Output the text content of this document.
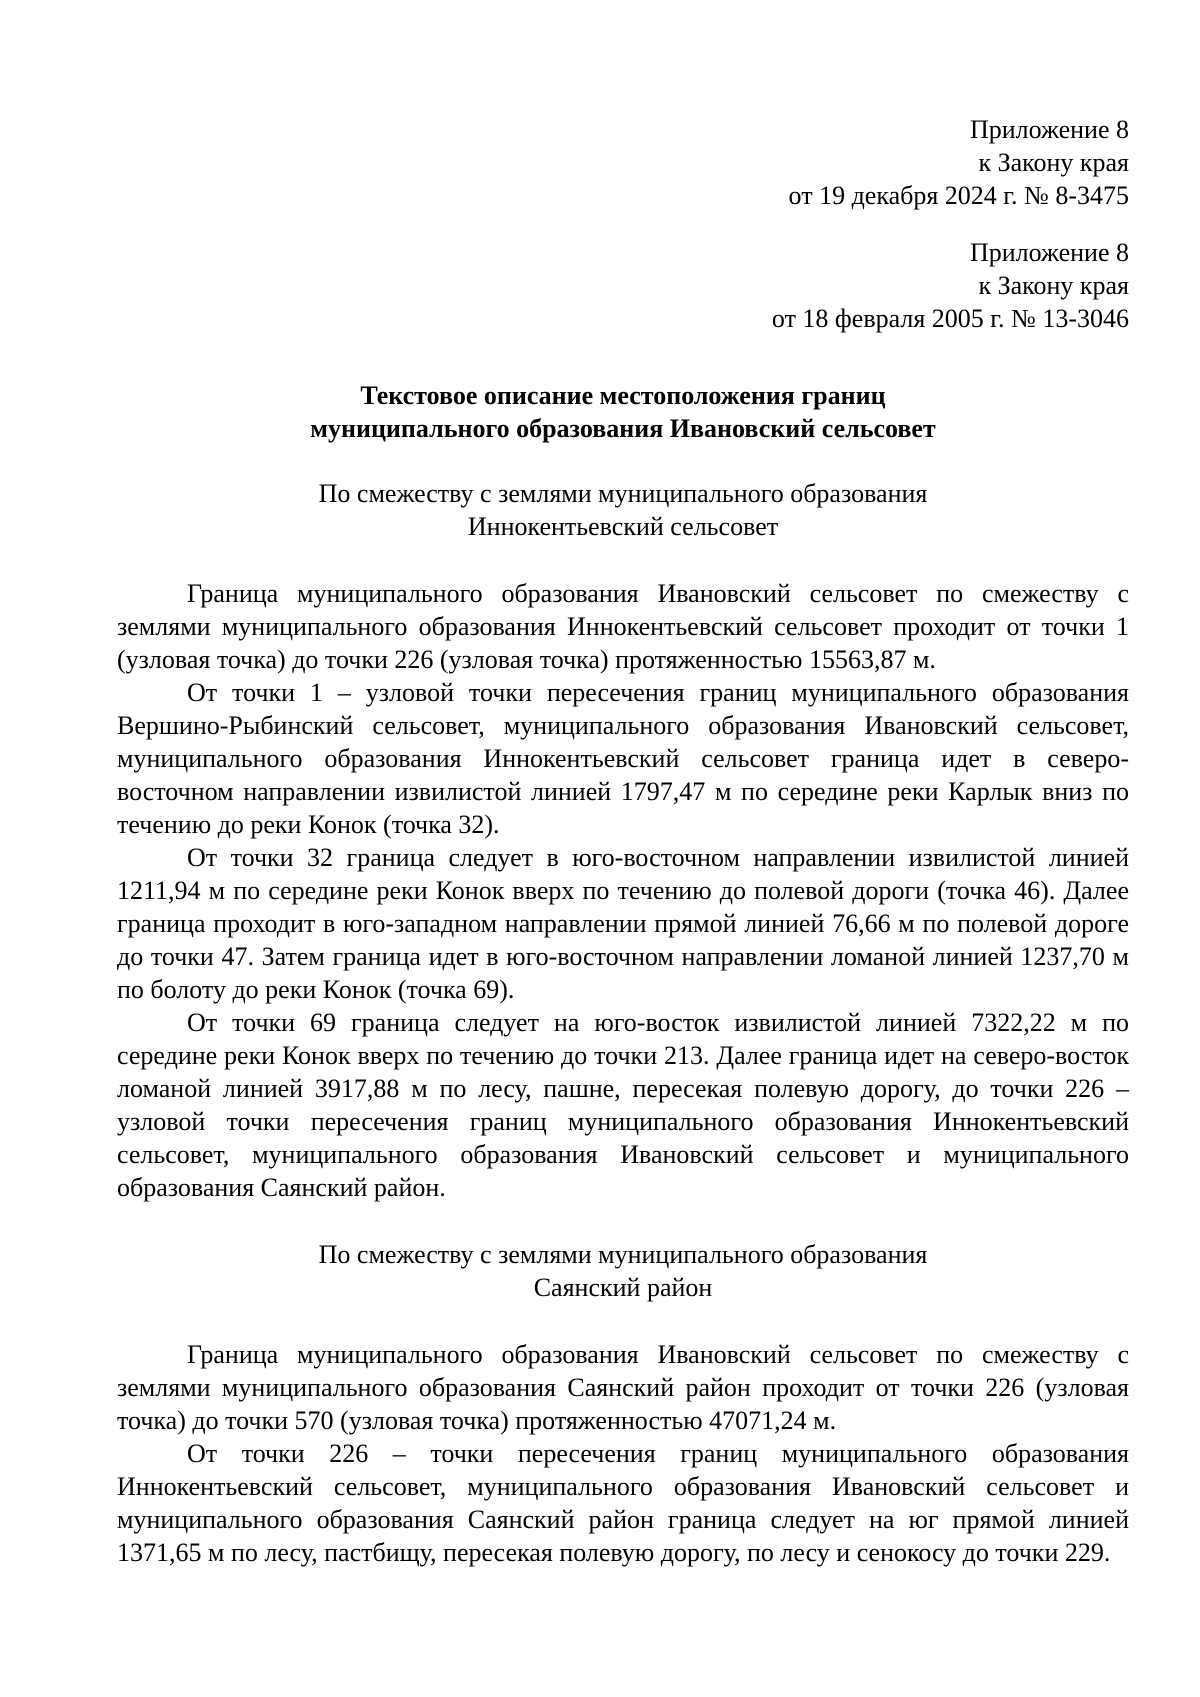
Приложение 8
к Закону края
от 19 декабря 2024 г. № 8-3475
Приложение 8
к Закону края
от 18 февраля 2005 г. № 13-3046
Текстовое описание местоположения границ
муниципального образования Ивановский сельсовет
По смежеству с землями муниципального образования
Иннокентьевский сельсовет

Граница муниципального образования Ивановский сельсовет по смежеству с землями муниципального образования Иннокентьевский сельсовет проходит от точки 1 (узловая точка) до точки 226 (узловая точка) протяженностью 15563,87 м.

От точки 1 – узловой точки пересечения границ муниципального образования Вершино-Рыбинский сельсовет, муниципального образования Ивановский сельсовет, муниципального образования Иннокентьевский сельсовет граница идет в северо-восточном направлении извилистой линией 1797,47 м по середине реки Карлык вниз по течению до реки Конок (точка 32).

От точки 32 граница следует в юго-восточном направлении извилистой линией 1211,94 м по середине реки Конок вверх по течению до полевой дороги (точка 46). Далее граница проходит в юго-западном направлении прямой линией 76,66 м по полевой дороге до точки 47. Затем граница идет в юго-восточном направлении ломаной линией 1237,70 м по болоту до реки Конок (точка 69).

От точки 69 граница следует на юго-восток извилистой линией 7322,22 м по середине реки Конок вверх по течению до точки 213. Далее граница идет на северо-восток ломаной линией 3917,88 м по лесу, пашне, пересекая полевую дорогу, до точки 226 – узловой точки пересечения границ муниципального образования Иннокентьевский сельсовет, муниципального образования Ивановский сельсовет и муниципального образования Саянский район.

По смежеству с землями муниципального образования
Саянский район

Граница муниципального образования Ивановский сельсовет по смежеству с землями муниципального образования Саянский район проходит от точки 226 (узловая точка) до точки 570 (узловая точка) протяженностью 47071,24 м.

От точки 226 – точки пересечения границ муниципального образования Иннокентьевский сельсовет, муниципального образования Ивановский сельсовет и муниципального образования Саянский район граница следует на юг прямой линией 1371,65 м по лесу, пастбищу, пересекая полевую дорогу, по лесу и сенокосу до точки 229.
